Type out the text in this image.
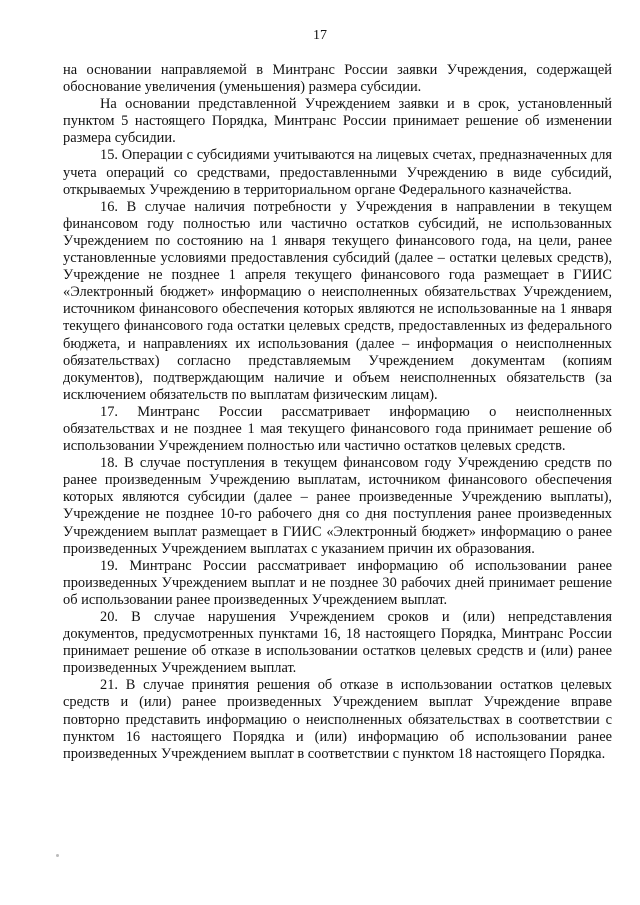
17

на основании направляемой в Минтранс России заявки Учреждения, содержащей обоснование увеличения (уменьшения) размера субсидии.

На основании представленной Учреждением заявки и в срок, установленный пунктом 5 настоящего Порядка, Минтранс России принимает решение об изменении размера субсидии.

15. Операции с субсидиями учитываются на лицевых счетах, предназначенных для учета операций со средствами, предоставленными Учреждению в виде субсидий, открываемых Учреждению в территориальном органе Федерального казначейства.

16. В случае наличия потребности у Учреждения в направлении в текущем финансовом году полностью или частично остатков субсидий, не использованных Учреждением по состоянию на 1 января текущего финансового года, на цели, ранее установленные условиями предоставления субсидий (далее – остатки целевых средств), Учреждение не позднее 1 апреля текущего финансового года размещает в ГИИС «Электронный бюджет» информацию о неисполненных обязательствах Учреждением, источником финансового обеспечения которых являются не использованные на 1 января текущего финансового года остатки целевых средств, предоставленных из федерального бюджета, и направлениях их использования (далее – информация о неисполненных обязательствах) согласно представляемым Учреждением документам (копиям документов), подтверждающим наличие и объем неисполненных обязательств (за исключением обязательств по выплатам физическим лицам).

17. Минтранс России рассматривает информацию о неисполненных обязательствах и не позднее 1 мая текущего финансового года принимает решение об использовании Учреждением полностью или частично остатков целевых средств.

18. В случае поступления в текущем финансовом году Учреждению средств по ранее произведенным Учреждению выплатам, источником финансового обеспечения которых являются субсидии (далее – ранее произведенные Учреждению выплаты), Учреждение не позднее 10-го рабочего дня со дня поступления ранее произведенных Учреждением выплат размещает в ГИИС «Электронный бюджет» информацию о ранее произведенных Учреждением выплатах с указанием причин их образования.

19. Минтранс России рассматривает информацию об использовании ранее произведенных Учреждением выплат и не позднее 30 рабочих дней принимает решение об использовании ранее произведенных Учреждением выплат.

20. В случае нарушения Учреждением сроков и (или) непредставления документов, предусмотренных пунктами 16, 18 настоящего Порядка, Минтранс России принимает решение об отказе в использовании остатков целевых средств и (или) ранее произведенных Учреждением выплат.

21. В случае принятия решения об отказе в использовании остатков целевых средств и (или) ранее произведенных Учреждением выплат Учреждение вправе повторно представить информацию о неисполненных обязательствах в соответствии с пунктом 16 настоящего Порядка и (или) информацию об использовании ранее произведенных Учреждением выплат в соответствии с пунктом 18 настоящего Порядка.
